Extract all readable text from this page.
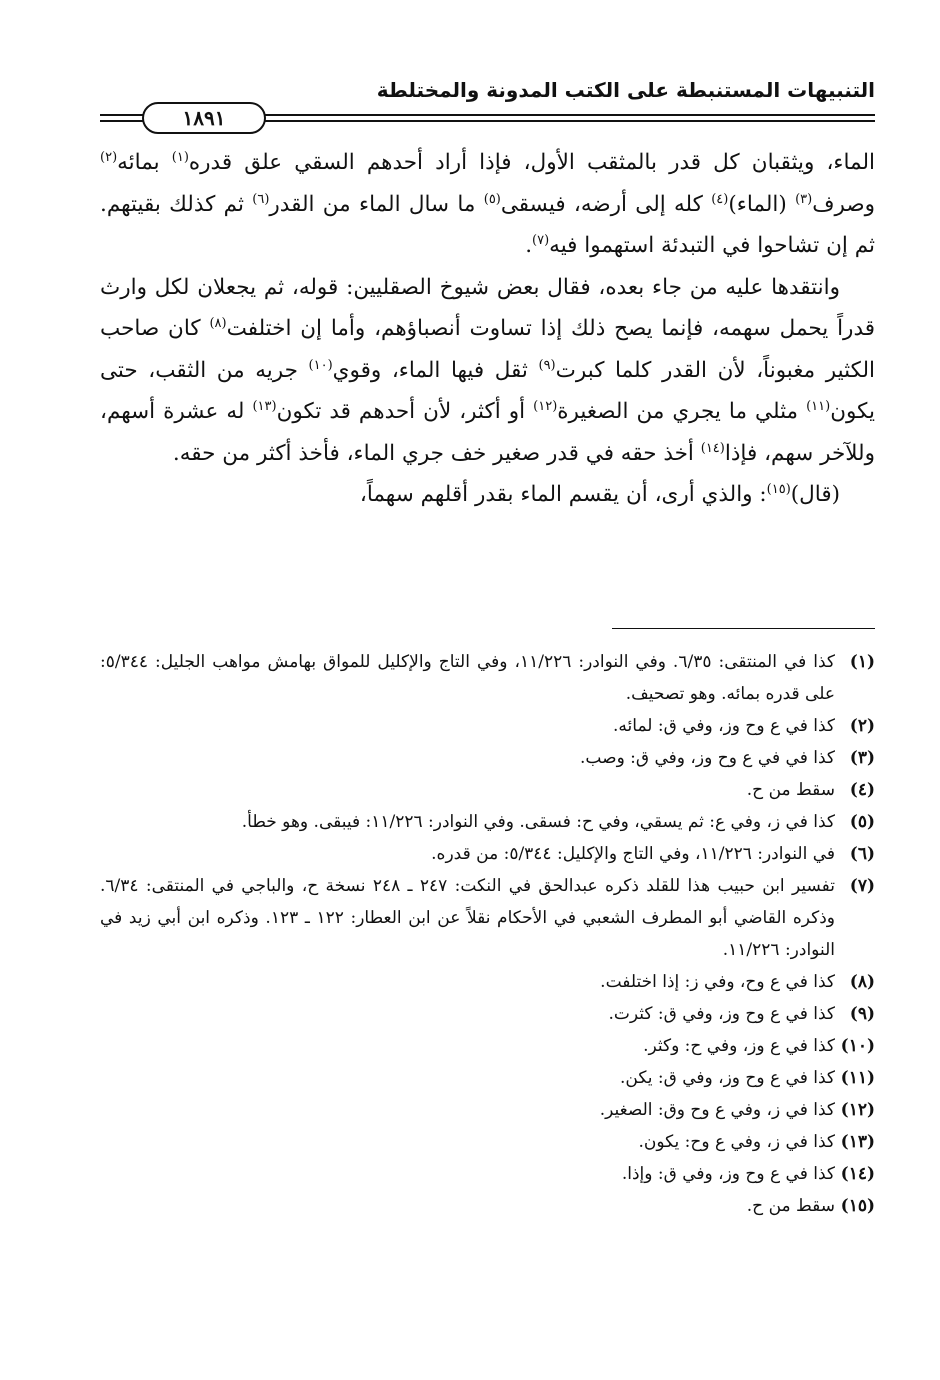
التنبيهات المستنبطة على الكتب المدونة والمختلطة
١٨٩١

الماء، ويثقبان كل قدر بالمثقب الأول، فإذا أراد أحدهم السقي علق قدره$^{(١)}$ بمائه$^{(٢)}$ وصرف$^{(٣)}$ (الماء)$^{(٤)}$ كله إلى أرضه، فيسقى$^{(٥)}$ ما سال الماء من القدر$^{(٦)}$ ثم كذلك بقيتهم. ثم إن تشاحوا في التبدئة استهموا فيه$^{(٧)}$.

وانتقدها عليه من جاء بعده، فقال بعض شيوخ الصقليين: قوله، ثم يجعلان لكل وارث قدراً يحمل سهمه، فإنما يصح ذلك إذا تساوت أنصباؤهم، وأما إن اختلفت$^{(٨)}$ كان صاحب الكثير مغبوناً، لأن القدر كلما كبرت$^{(٩)}$ ثقل فيها الماء، وقوي$^{(١٠)}$ جريه من الثقب، حتى يكون$^{(١١)}$ مثلي ما يجري من الصغيرة$^{(١٢)}$ أو أكثر، لأن أحدهم قد تكون$^{(١٣)}$ له عشرة أسهم، وللآخر سهم، فإذا$^{(١٤)}$ أخذ حقه في قدر صغير خف جري الماء، فأخذ أكثر من حقه.

(قال)$^{(١٥)}$: والذي أرى، أن يقسم الماء بقدر أقلهم سهماً،

(١)
كذا في المنتقى: ٦/٣٥. وفي النوادر: ١١/٢٢٦، وفي التاج والإكليل للمواق بهامش مواهب الجليل: ٥/٣٤٤: على قدره بمائه. وهو تصحيف.
(٢)
كذا في ع وح وز، وفي ق: لمائه.
(٣)
كذا في في ع وح وز، وفي ق: وصب.
(٤)
سقط من ح.
(٥)
كذا في ز، وفي ع: ثم يسقي، وفي ح: فسقى. وفي النوادر: ١١/٢٢٦: فيبقى. وهو خطأ.
(٦)
في النوادر: ١١/٢٢٦، وفي التاج والإكليل: ٥/٣٤٤: من قدره.
(٧)
تفسير ابن حبيب هذا للقلد ذكره عبدالحق في النكت: ٢٤٧ ـ ٢٤٨ نسخة ح، والباجي في المنتقى: ٦/٣٤. وذكره القاضي أبو المطرف الشعبي في الأحكام نقلاً عن ابن العطار: ١٢٢ ـ ١٢٣. وذكره ابن أبي زيد في النوادر: ١١/٢٢٦.
(٨)
كذا في ع وح، وفي ز: إذا اختلفت.
(٩)
كذا في ع وح وز، وفي ق: كثرت.
(١٠)
كذا في ع وز، وفي ح: وكثر.
(١١)
كذا في ع وح وز، وفي ق: يكن.
(١٢)
كذا في ز، وفي ع وح وق: الصغير.
(١٣)
كذا في ز، وفي ع وح: يكون.
(١٤)
كذا في ع وح وز، وفي ق: وإذا.
(١٥)
سقط من ح.
